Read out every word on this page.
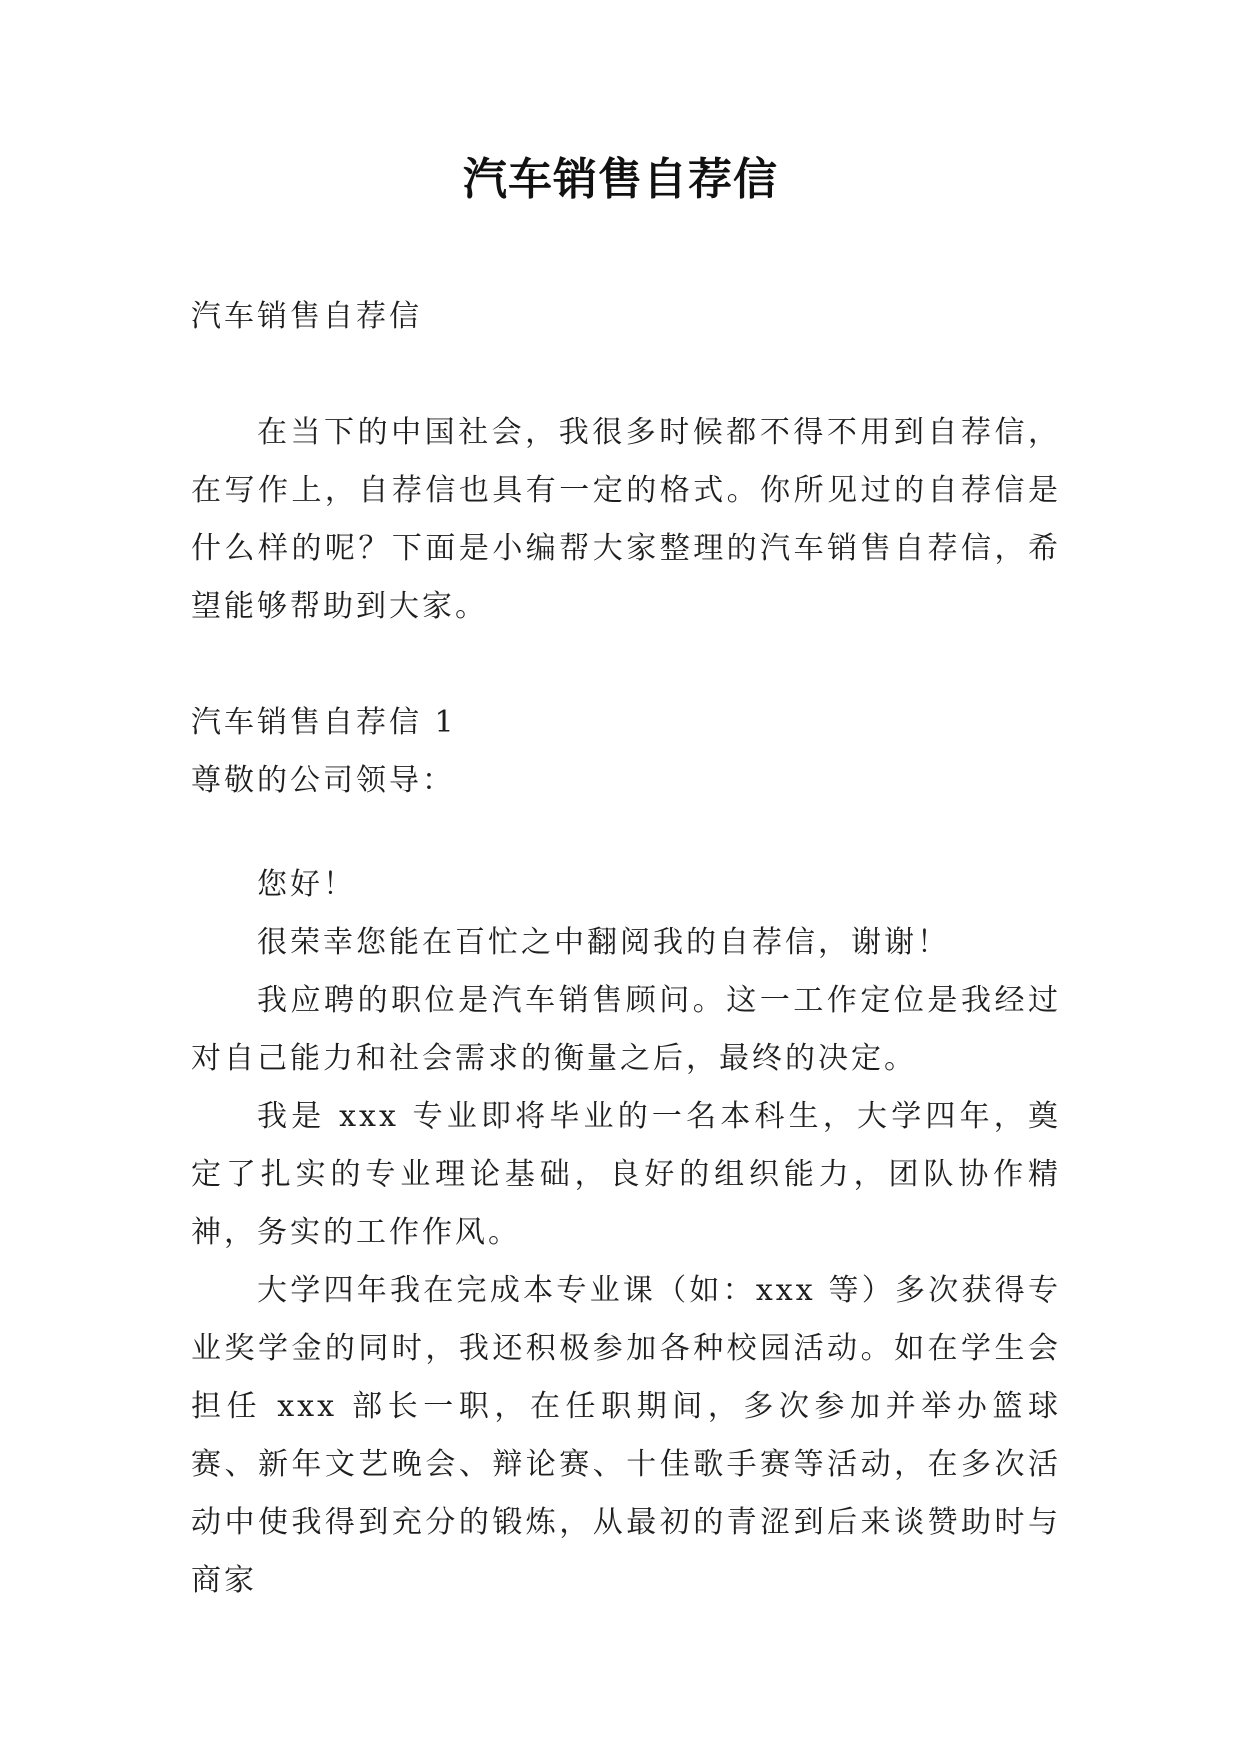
汽车销售自荐信

汽车销售自荐信

在当下的中国社会，我很多时候都不得不用到自荐信，在写作上，自荐信也具有一定的格式。你所见过的自荐信是什么样的呢？下面是小编帮大家整理的汽车销售自荐信，希望能够帮助到大家。

汽车销售自荐信 1

尊敬的公司领导：

您好！

很荣幸您能在百忙之中翻阅我的自荐信，谢谢！

我应聘的职位是汽车销售顾问。这一工作定位是我经过对自己能力和社会需求的衡量之后，最终的决定。

我是 xxx 专业即将毕业的一名本科生，大学四年，奠定了扎实的专业理论基础，良好的组织能力，团队协作精神，务实的工作作风。

大学四年我在完成本专业课（如：xxx 等）多次获得专业奖学金的同时，我还积极参加各种校园活动。如在学生会担任 xxx 部长一职，在任职期间，多次参加并举办篮球赛、新年文艺晚会、辩论赛、十佳歌手赛等活动，在多次活动中使我得到充分的锻炼，从最初的青涩到后来谈赞助时与商家
